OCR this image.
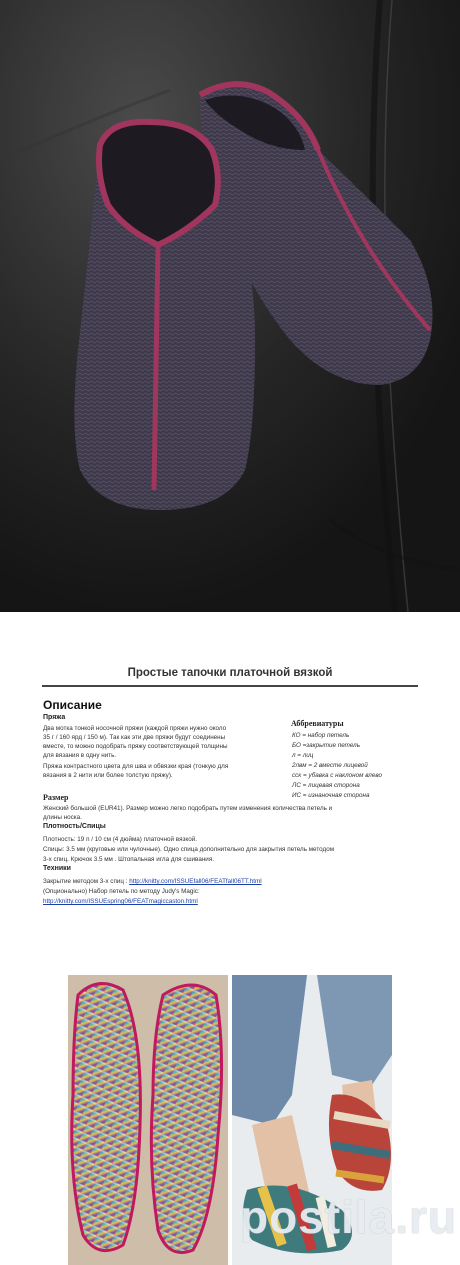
Простые тапочки платочной вязкой
Описание
Пряжа
Два мотка тонкой носочной пряжи (каждой пряжи нужно около
35 г / 160 ярд / 150 м). Так как эти две пряжи будут соединены
вместе, то можно подобрать пряжу соответствующей толщины
для вязания в одну нить.
Пряжа контрастного цвета для шва и обвязки края (тонкую для
вязания в 2 нити или более толстую пряжу).
Аббревиатуры
КО = набор петель
БО =закрытие петель
л = лиц
2лвм = 2 вместе лицевой
сск = убавка с наклоном влево
ЛС = лицевая сторона
ИС = изнаночная сторона
Размер
Женский большой (EUR41). Размер можно легко подобрать путем изменения количества петель и
длины носка.
Плотность/Спицы
Плотность: 19 п / 10 см (4 дюйма) платочной вязкой.
Спицы: 3.5 мм (круговые или чулочные). Одно спица дополнительно для закрытия петель методом
3-х спиц. Крючок 3.5 мм . Штопальная игла для сшивания.
Техники
Закрытие методом 3-х спиц : http://knitty.com/ISSUEfall06/FEATfall06TT.html
(Опционально) Набор петель по методу Judy's Magic:
http://knitty.com/ISSUEspring06/FEATmagiccaston.html
postila.ru
